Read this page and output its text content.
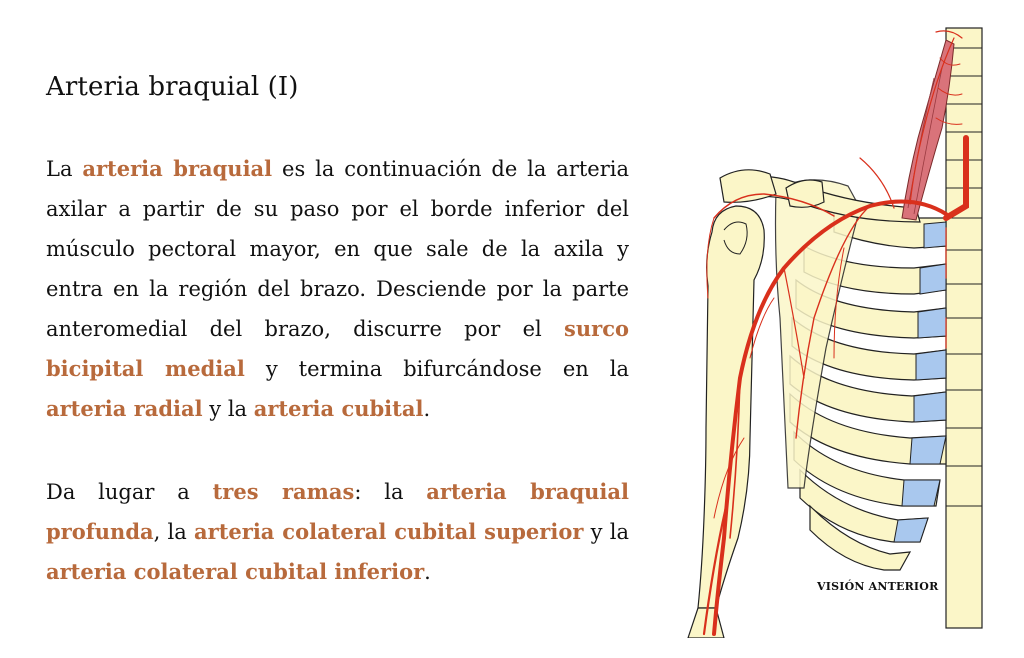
Arteria braquial (I)

La arteria braquial es la continuación de la arteria axilar a partir de su paso por el borde inferior del músculo pectoral mayor, en que sale de la axila y entra en la región del brazo. Desciende por la parte anteromedial del brazo, discurre por el surco bicipital medial y termina bifurcándose en la arteria radial y la arteria cubital.

Da lugar a tres ramas: la arteria braquial profunda, la arteria colateral cubital superior y la arteria colateral cubital inferior.

VISIÓN ANTERIOR
